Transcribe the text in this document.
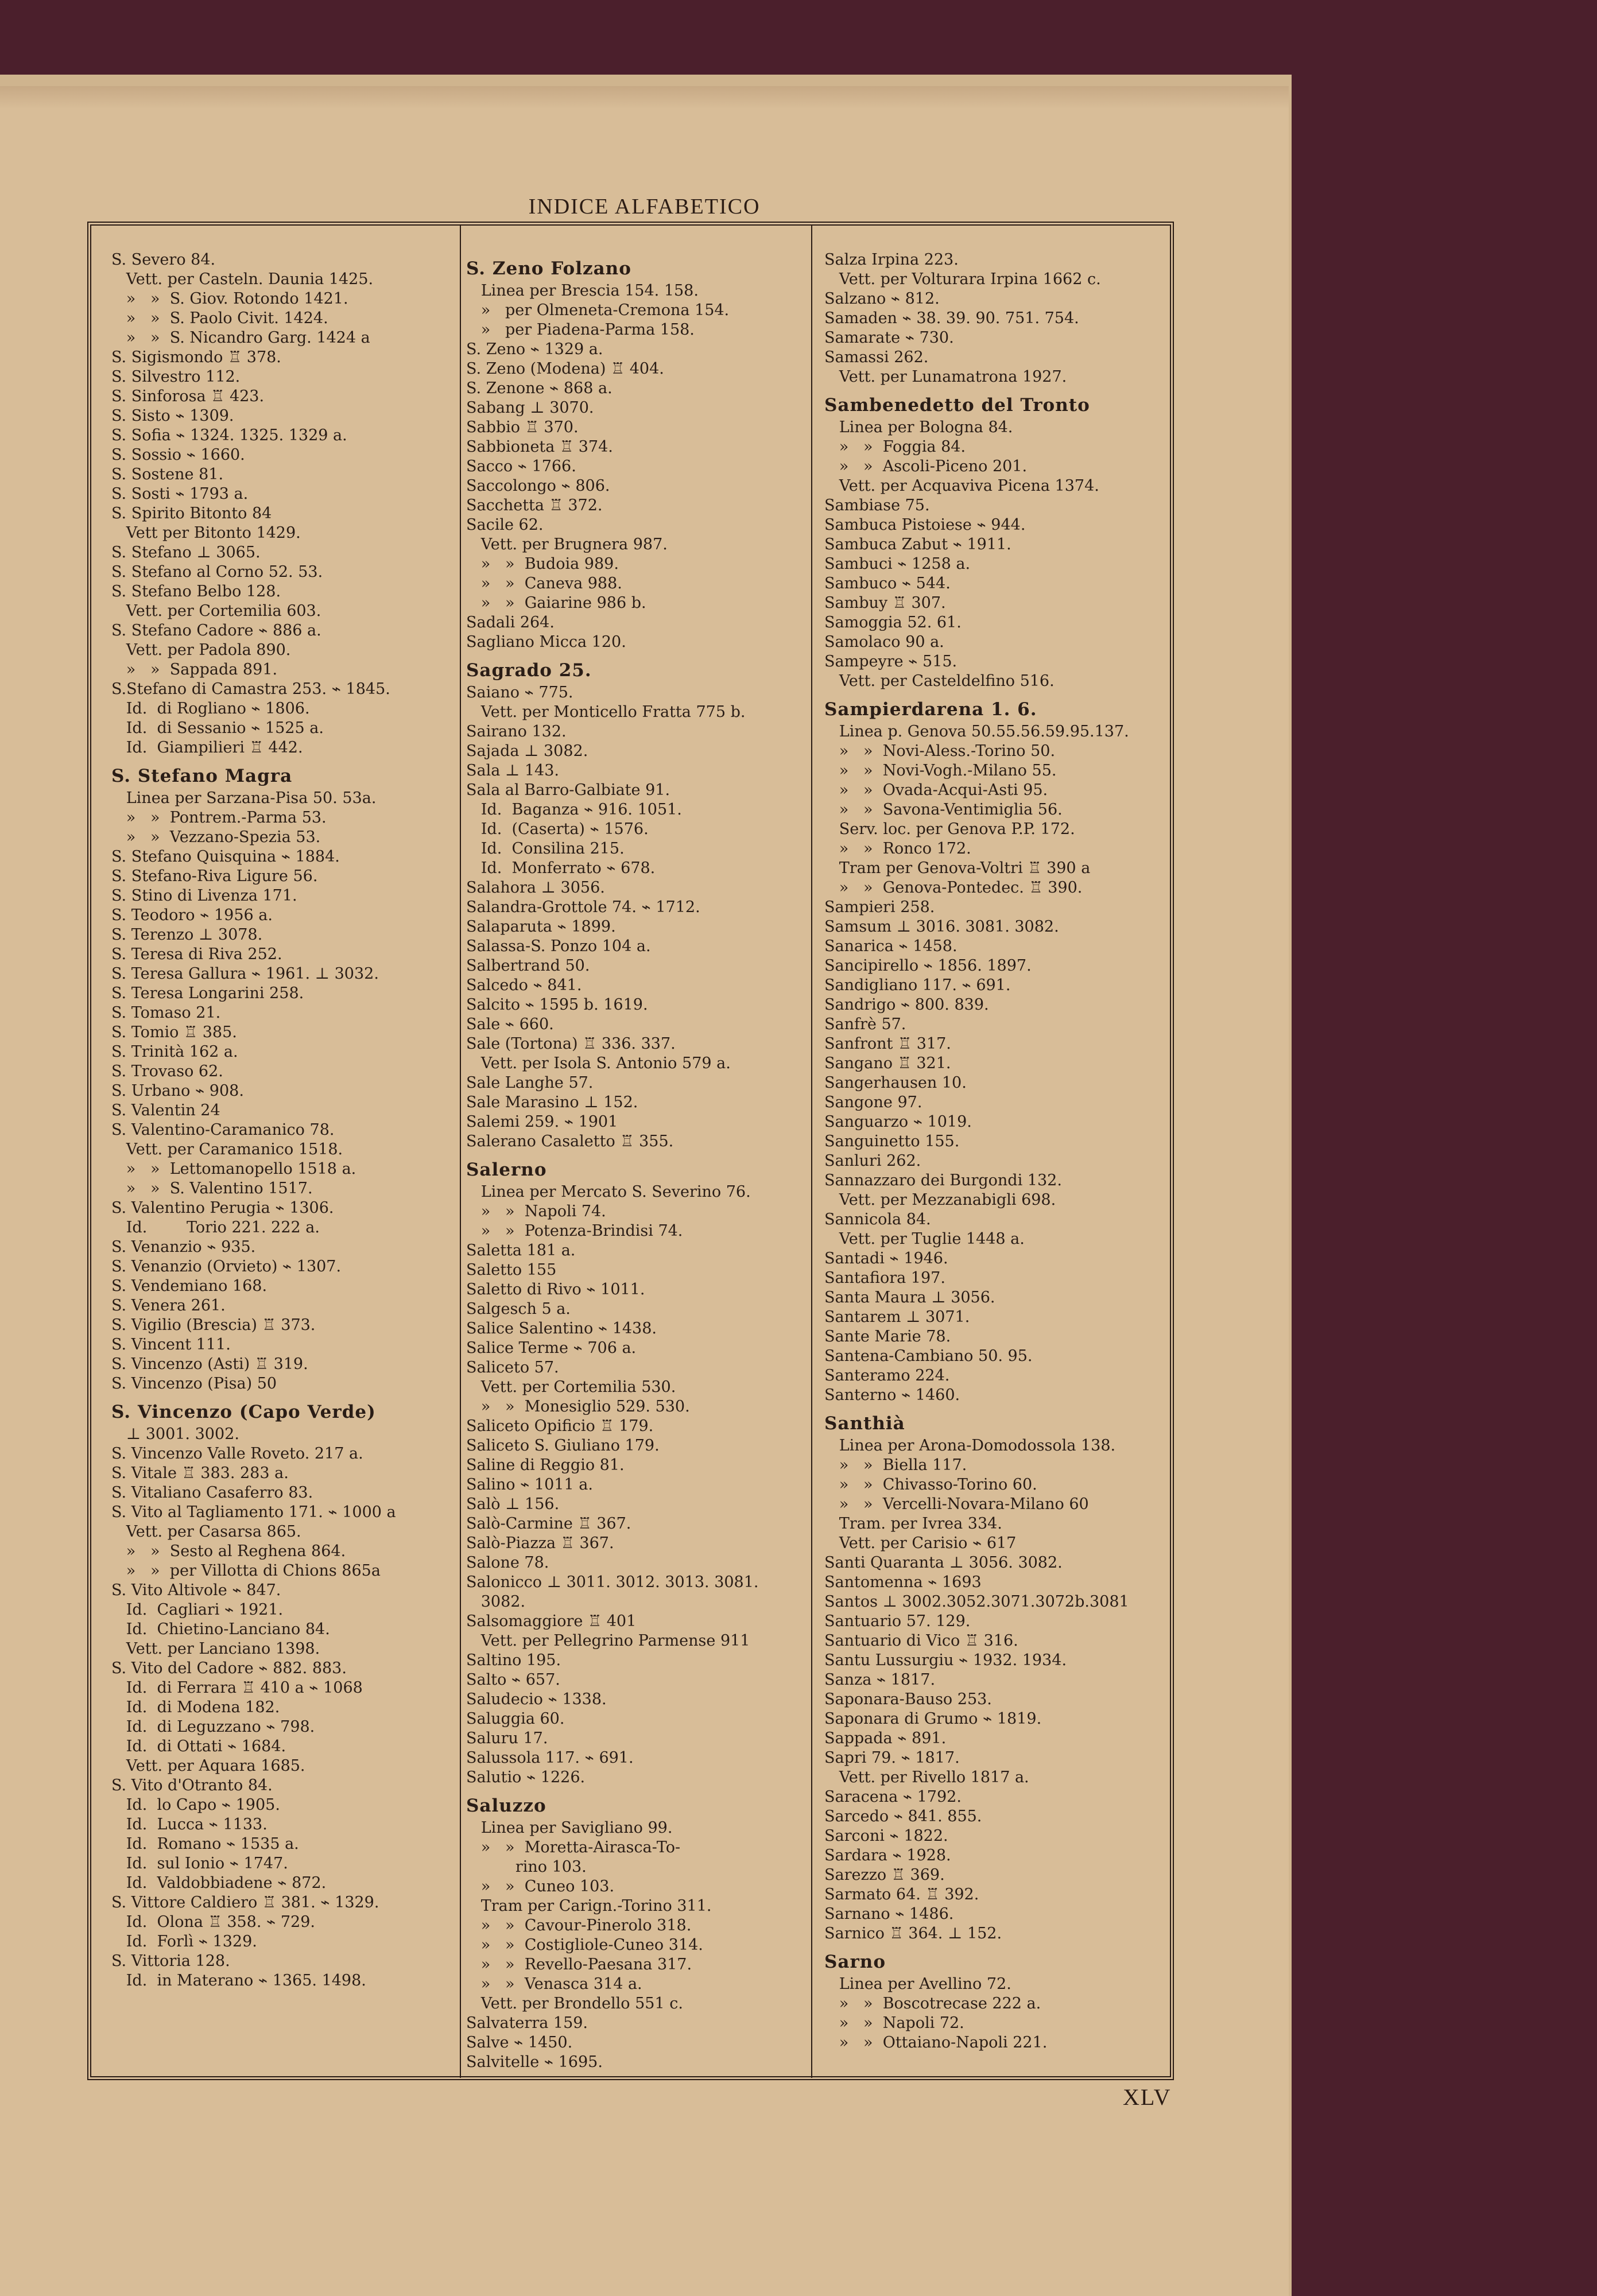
INDICE ALFABETICO
S. Severo 84.
Vett. per Casteln. Daunia 1425.
»   »  S. Giov. Rotondo 1421.
»   »  S. Paolo Civit. 1424.
»   »  S. Nicandro Garg. 1424 a
S. Sigismondo ♖ 378.
S. Silvestro 112.
S. Sinforosa ♖ 423.
S. Sisto ⌁ 1309.
S. Sofia ⌁ 1324. 1325. 1329 a.
S. Sossio ⌁ 1660.
S. Sostene 81.
S. Sosti ⌁ 1793 a.
S. Spirito Bitonto 84
Vett per Bitonto 1429.
S. Stefano ⊥ 3065.
S. Stefano al Corno 52. 53.
S. Stefano Belbo 128.
Vett. per Cortemilia 603.
S. Stefano Cadore ⌁ 886 a.
Vett. per Padola 890.
»   »  Sappada 891.
S.Stefano di Camastra 253. ⌁ 1845.
Id.  di Rogliano ⌁ 1806.
Id.  di Sessanio ⌁ 1525 a.
Id.  Giampilieri ♖ 442.
S. Stefano Magra
Linea per Sarzana-Pisa 50. 53a.
»   »  Pontrem.-Parma 53.
»   »  Vezzano-Spezia 53.
S. Stefano Quisquina ⌁ 1884.
S. Stefano-Riva Ligure 56.
S. Stino di Livenza 171.
S. Teodoro ⌁ 1956 a.
S. Terenzo ⊥ 3078.
S. Teresa di Riva 252.
S. Teresa Gallura ⌁ 1961. ⊥ 3032.
S. Teresa Longarini 258.
S. Tomaso 21.
S. Tomio ♖ 385.
S. Trinità 162 a.
S. Trovaso 62.
S. Urbano ⌁ 908.
S. Valentin 24
S. Valentino-Caramanico 78.
Vett. per Caramanico 1518.
»   »  Lettomanopello 1518 a.
»   »  S. Valentino 1517.
S. Valentino Perugia ⌁ 1306.
Id.        Torio 221. 222 a.
S. Venanzio ⌁ 935.
S. Venanzio (Orvieto) ⌁ 1307.
S. Vendemiano 168.
S. Venera 261.
S. Vigilio (Brescia) ♖ 373.
S. Vincent 111.
S. Vincenzo (Asti) ♖ 319.
S. Vincenzo (Pisa) 50
S. Vincenzo (Capo Verde)
⊥ 3001. 3002.
S. Vincenzo Valle Roveto. 217 a.
S. Vitale ♖ 383. 283 a.
S. Vitaliano Casaferro 83.
S. Vito al Tagliamento 171. ⌁ 1000 a
Vett. per Casarsa 865.
»   »  Sesto al Reghena 864.
»   »  per Villotta di Chions 865a
S. Vito Altivole ⌁ 847.
Id.  Cagliari ⌁ 1921.
Id.  Chietino-Lanciano 84.
Vett. per Lanciano 1398.
S. Vito del Cadore ⌁ 882. 883.
Id.  di Ferrara ♖ 410 a ⌁ 1068
Id.  di Modena 182.
Id.  di Leguzzano ⌁ 798.
Id.  di Ottati ⌁ 1684.
Vett. per Aquara 1685.
S. Vito d'Otranto 84.
Id.  lo Capo ⌁ 1905.
Id.  Lucca ⌁ 1133.
Id.  Romano ⌁ 1535 a.
Id.  sul Ionio ⌁ 1747.
Id.  Valdobbiadene ⌁ 872.
S. Vittore Caldiero ♖ 381. ⌁ 1329.
Id.  Olona ♖ 358. ⌁ 729.
Id.  Forlì ⌁ 1329.
S. Vittoria 128.
Id.  in Materano ⌁ 1365. 1498.
S. Zeno Folzano
Linea per Brescia 154. 158.
»   per Olmeneta-Cremona 154.
»   per Piadena-Parma 158.
S. Zeno ⌁ 1329 a.
S. Zeno (Modena) ♖ 404.
S. Zenone ⌁ 868 a.
Sabang ⊥ 3070.
Sabbio ♖ 370.
Sabbioneta ♖ 374.
Sacco ⌁ 1766.
Saccolongo ⌁ 806.
Sacchetta ♖ 372.
Sacile 62.
Vett. per Brugnera 987.
»   »  Budoia 989.
»   »  Caneva 988.
»   »  Gaiarine 986 b.
Sadali 264.
Sagliano Micca 120.
Sagrado 25.
Saiano ⌁ 775.
Vett. per Monticello Fratta 775 b.
Sairano 132.
Sajada ⊥ 3082.
Sala ⊥ 143.
Sala al Barro-Galbiate 91.
Id.  Baganza ⌁ 916. 1051.
Id.  (Caserta) ⌁ 1576.
Id.  Consilina 215.
Id.  Monferrato ⌁ 678.
Salahora ⊥ 3056.
Salandra-Grottole 74. ⌁ 1712.
Salaparuta ⌁ 1899.
Salassa-S. Ponzo 104 a.
Salbertrand 50.
Salcedo ⌁ 841.
Salcito ⌁ 1595 b. 1619.
Sale ⌁ 660.
Sale (Tortona) ♖ 336. 337.
Vett. per Isola S. Antonio 579 a.
Sale Langhe 57.
Sale Marasino ⊥ 152.
Salemi 259. ⌁ 1901
Salerano Casaletto ♖ 355.
Salerno
Linea per Mercato S. Severino 76.
»   »  Napoli 74.
»   »  Potenza-Brindisi 74.
Saletta 181 a.
Saletto 155
Saletto di Rivo ⌁ 1011.
Salgesch 5 a.
Salice Salentino ⌁ 1438.
Salice Terme ⌁ 706 a.
Saliceto 57.
Vett. per Cortemilia 530.
»   »  Monesiglio 529. 530.
Saliceto Opificio ♖ 179.
Saliceto S. Giuliano 179.
Saline di Reggio 81.
Salino ⌁ 1011 a.
Salò ⊥ 156.
Salò-Carmine ♖ 367.
Salò-Piazza ♖ 367.
Salone 78.
Salonicco ⊥ 3011. 3012. 3013. 3081.
3082.
Salsomaggiore ♖ 401
Vett. per Pellegrino Parmense 911
Saltino 195.
Salto ⌁ 657.
Saludecio ⌁ 1338.
Saluggia 60.
Saluru 17.
Salussola 117. ⌁ 691.
Salutio ⌁ 1226.
Saluzzo
Linea per Savigliano 99.
»   »  Moretta-Airasca-To-
rino 103.
»   »  Cuneo 103.
Tram per Carign.-Torino 311.
»   »  Cavour-Pinerolo 318.
»   »  Costigliole-Cuneo 314.
»   »  Revello-Paesana 317.
»   »  Venasca 314 a.
Vett. per Brondello 551 c.
Salvaterra 159.
Salve ⌁ 1450.
Salvitelle ⌁ 1695.
Salza Irpina 223.
Vett. per Volturara Irpina 1662 c.
Salzano ⌁ 812.
Samaden ⌁ 38. 39. 90. 751. 754.
Samarate ⌁ 730.
Samassi 262.
Vett. per Lunamatrona 1927.
Sambenedetto del Tronto
Linea per Bologna 84.
»   »  Foggia 84.
»   »  Ascoli-Piceno 201.
Vett. per Acquaviva Picena 1374.
Sambiase 75.
Sambuca Pistoiese ⌁ 944.
Sambuca Zabut ⌁ 1911.
Sambuci ⌁ 1258 a.
Sambuco ⌁ 544.
Sambuy ♖ 307.
Samoggia 52. 61.
Samolaco 90 a.
Sampeyre ⌁ 515.
Vett. per Casteldelfino 516.
Sampierdarena 1. 6.
Linea p. Genova 50.55.56.59.95.137.
»   »  Novi-Aless.-Torino 50.
»   »  Novi-Vogh.-Milano 55.
»   »  Ovada-Acqui-Asti 95.
»   »  Savona-Ventimiglia 56.
Serv. loc. per Genova P.P. 172.
»   »  Ronco 172.
Tram per Genova-Voltri ♖ 390 a
»   »  Genova-Pontedec. ♖ 390.
Sampieri 258.
Samsum ⊥ 3016. 3081. 3082.
Sanarica ⌁ 1458.
Sancipirello ⌁ 1856. 1897.
Sandigliano 117. ⌁ 691.
Sandrigo ⌁ 800. 839.
Sanfrè 57.
Sanfront ♖ 317.
Sangano ♖ 321.
Sangerhausen 10.
Sangone 97.
Sanguarzo ⌁ 1019.
Sanguinetto 155.
Sanluri 262.
Sannazzaro dei Burgondi 132.
Vett. per Mezzanabigli 698.
Sannicola 84.
Vett. per Tuglie 1448 a.
Santadi ⌁ 1946.
Santafiora 197.
Santa Maura ⊥ 3056.
Santarem ⊥ 3071.
Sante Marie 78.
Santena-Cambiano 50. 95.
Santeramo 224.
Santerno ⌁ 1460.
Santhià
Linea per Arona-Domodossola 138.
»   »  Biella 117.
»   »  Chivasso-Torino 60.
»   »  Vercelli-Novara-Milano 60
Tram. per Ivrea 334.
Vett. per Carisio ⌁ 617
Santi Quaranta ⊥ 3056. 3082.
Santomenna ⌁ 1693
Santos ⊥ 3002.3052.3071.3072b.3081
Santuario 57. 129.
Santuario di Vico ♖ 316.
Santu Lussurgiu ⌁ 1932. 1934.
Sanza ⌁ 1817.
Saponara-Bauso 253.
Saponara di Grumo ⌁ 1819.
Sappada ⌁ 891.
Sapri 79. ⌁ 1817.
Vett. per Rivello 1817 a.
Saracena ⌁ 1792.
Sarcedo ⌁ 841. 855.
Sarconi ⌁ 1822.
Sardara ⌁ 1928.
Sarezzo ♖ 369.
Sarmato 64. ♖ 392.
Sarnano ⌁ 1486.
Sarnico ♖ 364. ⊥ 152.
Sarno
Linea per Avellino 72.
»   »  Boscotrecase 222 a.
»   »  Napoli 72.
»   »  Ottaiano-Napoli 221.
XLV
